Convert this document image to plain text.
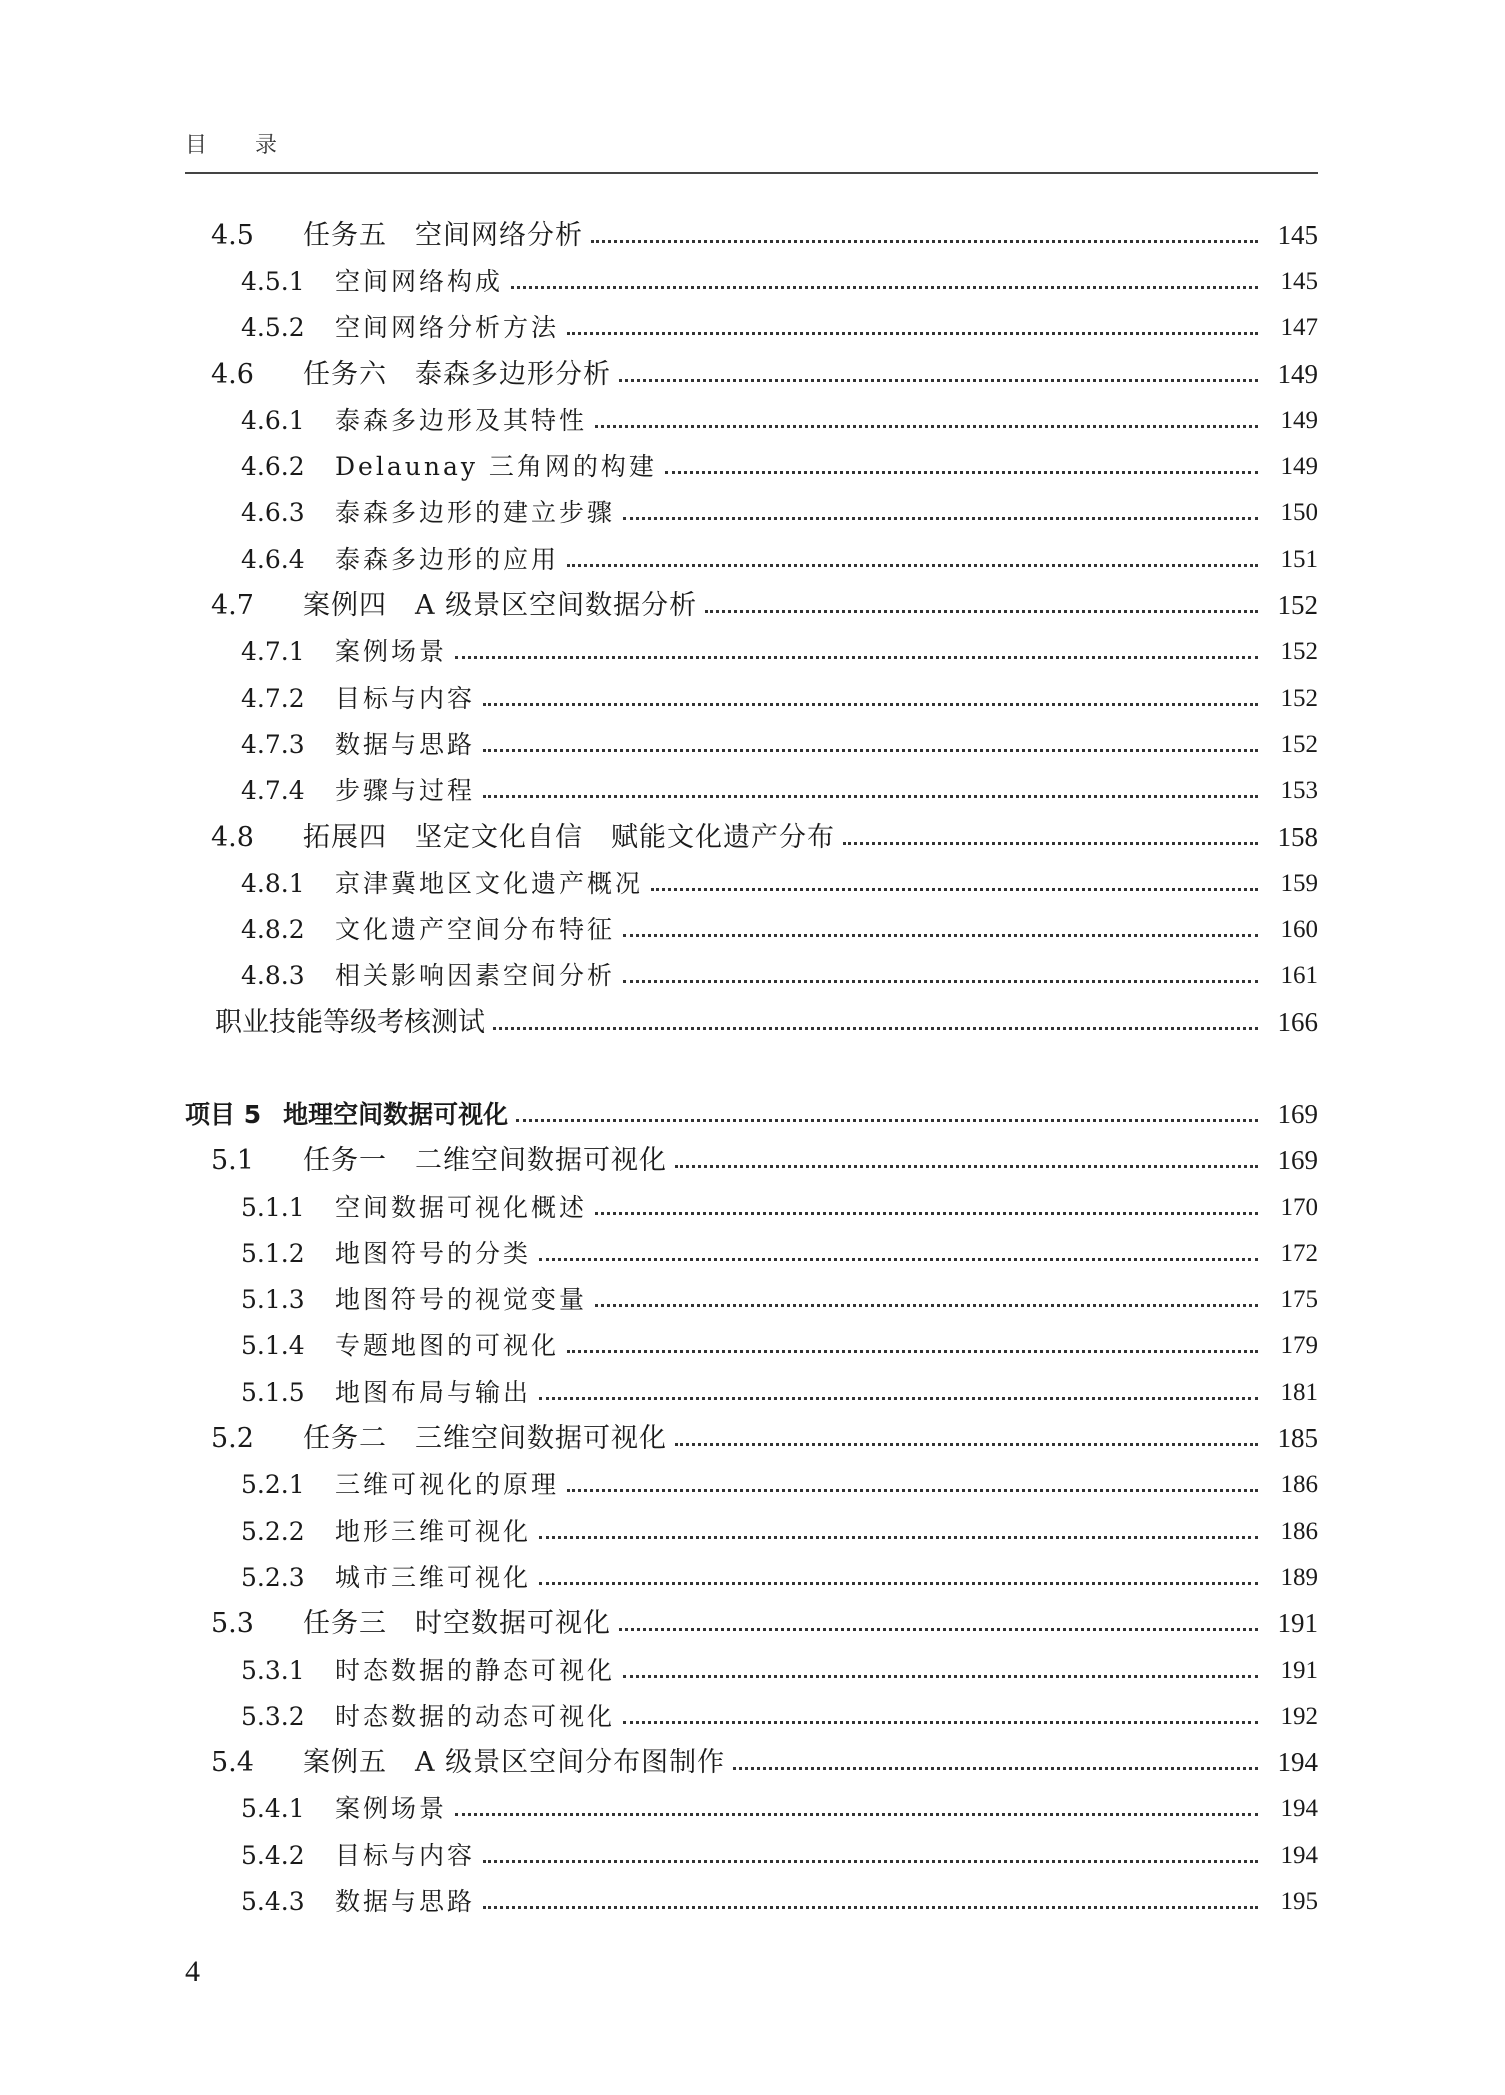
目录
4.5	任务五　空间网络分析	145
4.5.1	空间网络构成	145
4.5.2	空间网络分析方法	147
4.6	任务六　泰森多边形分析	149
4.6.1	泰森多边形及其特性	149
4.6.2	Delaunay 三角网的构建	149
4.6.3	泰森多边形的建立步骤	150
4.6.4	泰森多边形的应用	151
4.7	案例四　A 级景区空间数据分析	152
4.7.1	案例场景	152
4.7.2	目标与内容	152
4.7.3	数据与思路	152
4.7.4	步骤与过程	153
4.8	拓展四　坚定文化自信　赋能文化遗产分布	158
4.8.1	京津冀地区文化遗产概况	159
4.8.2	文化遗产空间分布特征	160
4.8.3	相关影响因素空间分析	161
职业技能等级考核测试	166
项目 5 地理空间数据可视化	169
5.1	任务一　二维空间数据可视化	169
5.1.1	空间数据可视化概述	170
5.1.2	地图符号的分类	172
5.1.3	地图符号的视觉变量	175
5.1.4	专题地图的可视化	179
5.1.5	地图布局与输出	181
5.2	任务二　三维空间数据可视化	185
5.2.1	三维可视化的原理	186
5.2.2	地形三维可视化	186
5.2.3	城市三维可视化	189
5.3	任务三　时空数据可视化	191
5.3.1	时态数据的静态可视化	191
5.3.2	时态数据的动态可视化	192
5.4	案例五　A 级景区空间分布图制作	194
5.4.1	案例场景	194
5.4.2	目标与内容	194
5.4.3	数据与思路	195
4
